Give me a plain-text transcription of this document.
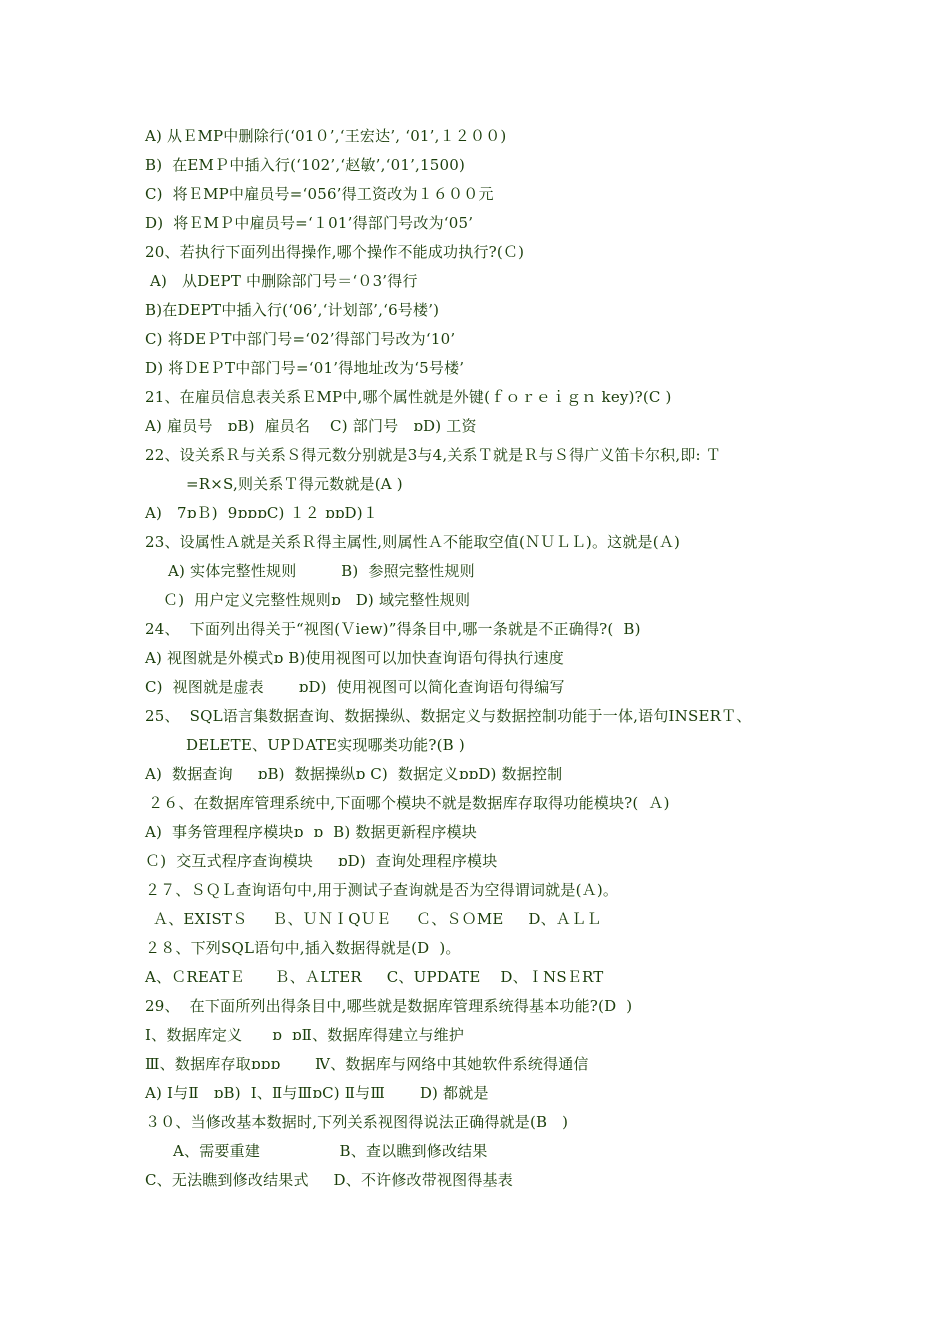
A) 从ＥMP中删除行(‘01０’,‘王宏达’, ‘01’,１２００)
B)  在EMＰ中插入行(‘102’,‘赵敏’,‘01’,1500)
C)  将ＥMP中雇员号=‘056’得工资改为１６００元
D)  将ＥMＰ中雇员号=‘１01’得部门号改为‘05’
20、若执行下面列出得操作,哪个操作不能成功执行?(Ｃ)
A)   从DEPT 中删除部门号＝‘０3’得行
B)在DEPT中插入行(‘06’,‘计划部’,‘6号楼’)
C) 将DEＰT中部门号=‘02’得部门号改为‘10’
D) 将ＤEＰT中部门号=‘01’得地址改为‘5号楼’
21、在雇员信息表关系ＥMP中,哪个属性就是外键(ｆｏｒｅｉｇｎ key)?(C )
A) 雇员号   ɒB)  雇员名    C) 部门号   ɒD) 工资
22、设关系Ｒ与关系Ｓ得元数分别就是3与4,关系Ｔ就是Ｒ与Ｓ得广义笛卡尔积,即: Ｔ
=R×S,则关系Ｔ得元数就是(A )
A)   7ɒＢ)  9ɒɒɒC) １２ ɒɒD)１
23、设属性Ａ就是关系Ｒ得主属性,则属性Ａ不能取空值(ＮＵＬＬ)。这就是(Ａ)
A) 实体完整性规则         B)  参照完整性规则
Ｃ)  用户定义完整性规则ɒ   D) 域完整性规则
24、  下面列出得关于“视图(Ｖiew)”得条目中,哪一条就是不正确得?(  B)
A) 视图就是外模式ɒ B)使用视图可以加快查询语句得执行速度
C)  视图就是虚表       ɒD)  使用视图可以简化查询语句得编写
25、  SQL语言集数据查询、数据操纵、数据定义与数据控制功能于一体,语句INSERＴ、
DELETE、UPＤATE实现哪类功能?(B )
A)  数据查询     ɒB)  数据操纵ɒ C)  数据定义ɒɒD) 数据控制
２６、在数据库管理系统中,下面哪个模块不就是数据库存取得功能模块?(  Ａ)
A)  事务管理程序模块ɒ  ɒ  B) 数据更新程序模块
Ｃ)  交互式程序查询模块     ɒD)  查询处理程序模块
２７、ＳＱＬ查询语句中,用于测试子查询就是否为空得谓词就是(Ａ)。
Ａ、EXISTＳ     Ｂ、ＵＮＩQＵＥ     Ｃ、ＳＯME     D、ＡＬＬ
２８、下列SQL语句中,插入数据得就是(D  )。
A、ＣREATＥ      Ｂ、ＡLTER     C、UPDATE    D、ＩNSＥRT
29、  在下面所列出得条目中,哪些就是数据库管理系统得基本功能?(D  )
Ⅰ、数据库定义      ɒ  ɒⅡ、数据库得建立与维护
Ⅲ、数据库存取ɒɒɒ       Ⅳ、数据库与网络中其她软件系统得通信
A) Ⅰ与Ⅱ   ɒB)  Ⅰ、Ⅱ与ⅢɒC) Ⅱ与Ⅲ       D) 都就是
３０、当修改基本数据时,下列关系视图得说法正确得就是(B   )
A、需要重建                B、查以瞧到修改结果
C、无法瞧到修改结果式     D、不许修改带视图得基表
